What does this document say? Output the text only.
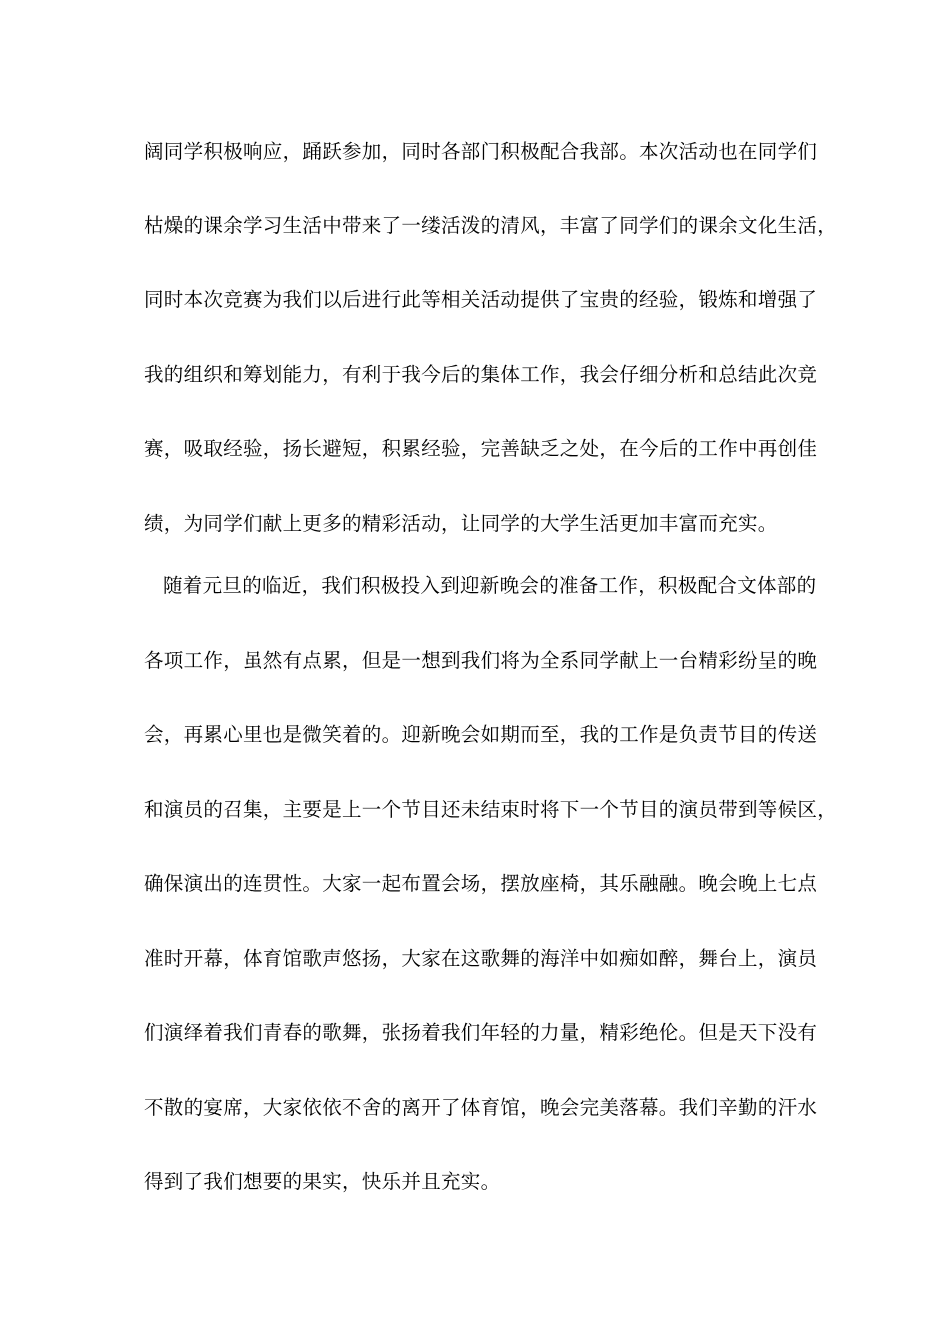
阔同学积极响应，踊跃参加，同时各部门积极配合我部。本次活动也在同学们
枯燥的课余学习生活中带来了一缕活泼的清风，丰富了同学们的课余文化生活，
同时本次竞赛为我们以后进行此等相关活动提供了宝贵的经验，锻炼和增强了
我的组织和筹划能力，有利于我今后的集体工作，我会仔细分析和总结此次竞
赛，吸取经验，扬长避短，积累经验，完善缺乏之处，在今后的工作中再创佳
绩，为同学们献上更多的精彩活动，让同学的大学生活更加丰富而充实。
随着元旦的临近，我们积极投入到迎新晚会的准备工作，积极配合文体部的
各项工作，虽然有点累，但是一想到我们将为全系同学献上一台精彩纷呈的晚
会，再累心里也是微笑着的。迎新晚会如期而至，我的工作是负责节目的传送
和演员的召集，主要是上一个节目还未结束时将下一个节目的演员带到等候区，
确保演出的连贯性。大家一起布置会场，摆放座椅，其乐融融。晚会晚上七点
准时开幕，体育馆歌声悠扬，大家在这歌舞的海洋中如痴如醉，舞台上，演员
们演绎着我们青春的歌舞，张扬着我们年轻的力量，精彩绝伦。但是天下没有
不散的宴席，大家依依不舍的离开了体育馆，晚会完美落幕。我们辛勤的汗水
得到了我们想要的果实，快乐并且充实。
